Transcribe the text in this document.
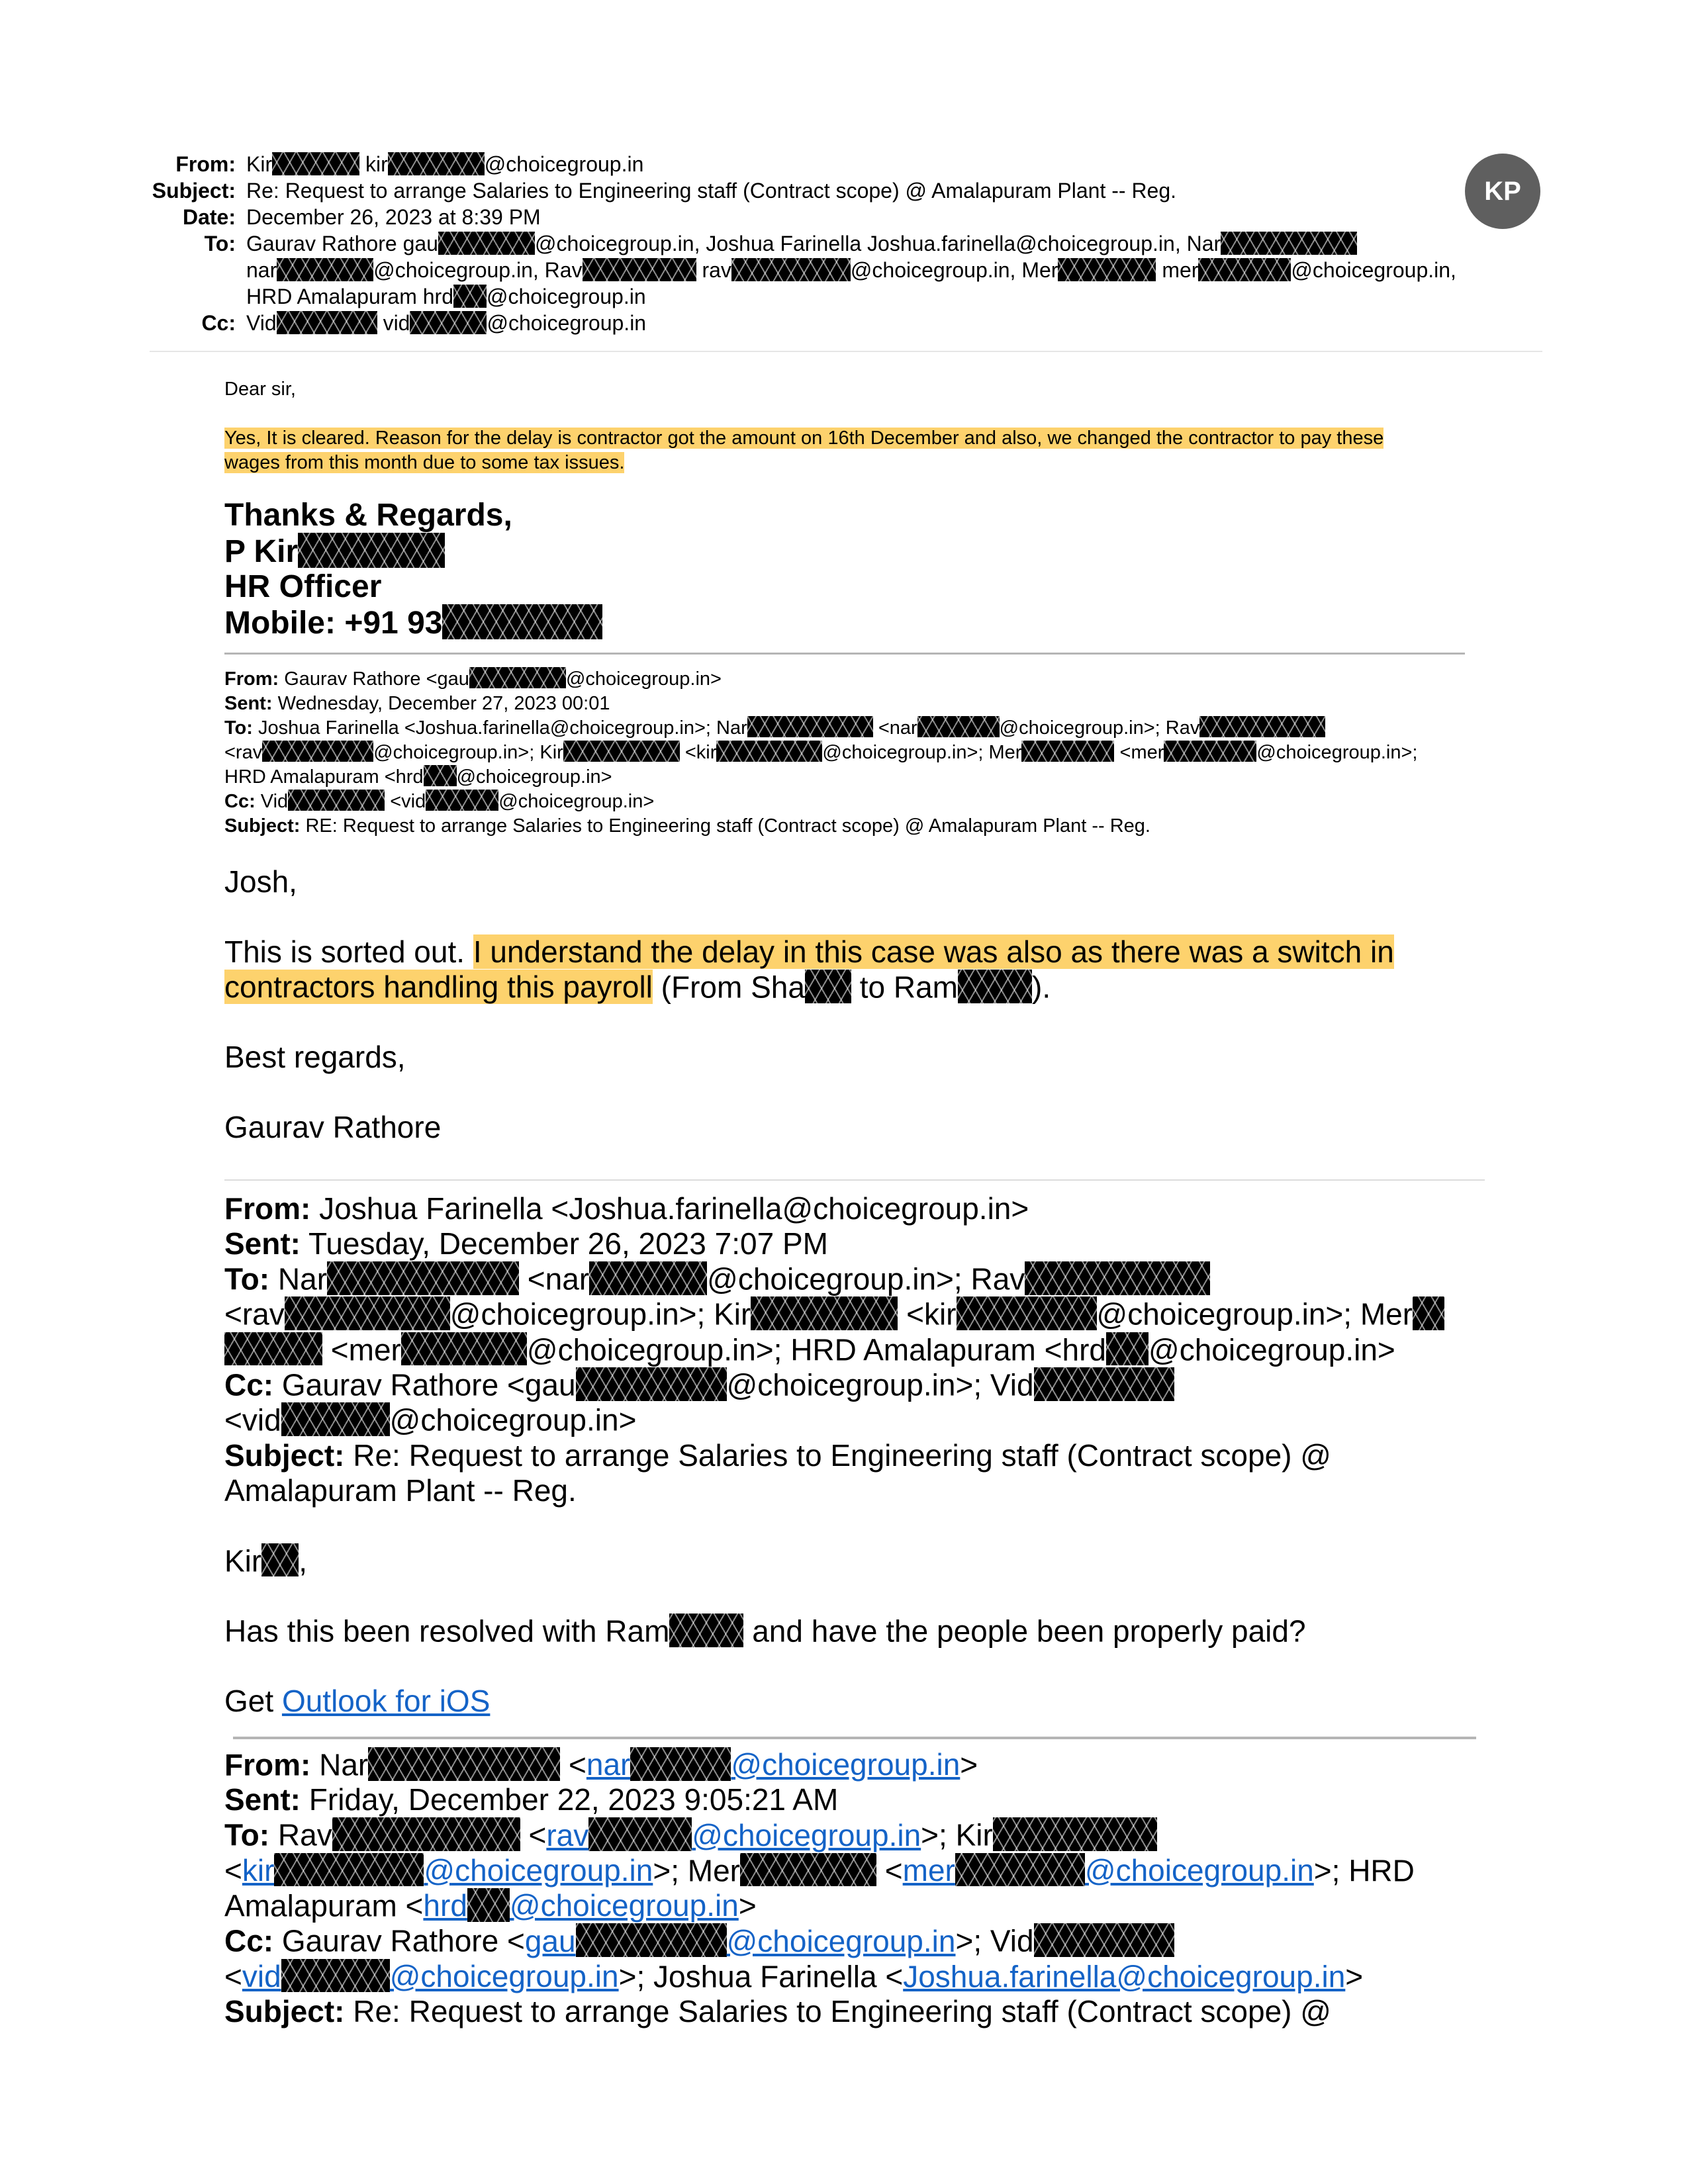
From: Kir	kir	@choicegroup.in
Subject: Re: Request to arrange Salaries to Engineering staff (Contract scope) @ Amalapuram Plant -- Reg.
Date: December 26, 2023 at 8:39 PM
To: Gaurav Rathore gau	@choicegroup.in, Joshua Farinella Joshua.farinella@choicegroup.in, Nar
nar	@choicegroup.in, Rav	rav	@choicegroup.in, Mer	mer	@choicegroup.in,
HRD Amalapuram hrd @choicegroup.in
Cc: Vid	vid	@choicegroup.in
KP

Dear sir,

Yes, It is cleared. Reason for the delay is contractor got the amount on 16th December and also, we changed the contractor to pay these
wages from this month due to some tax issues.

Thanks & Regards,
P Kir
HR Officer
Mobile: +91 93
From: Gaurav Rathore <gau	@choicegroup.in>
Sent: Wednesday, December 27, 2023 00:01
To: Joshua Farinella <Joshua.farinella@choicegroup.in>; Nar	<nar	@choicegroup.in>; Rav
<rav	@choicegroup.in>; Kir	<kir	@choicegroup.in>; Mer	<mer	@choicegroup.in>;
HRD Amalapuram <hrd @choicegroup.in>
Cc: Vid	<vid	@choicegroup.in>
Subject: RE: Request to arrange Salaries to Engineering staff (Contract scope) @ Amalapuram Plant -- Reg.

Josh,

This is sorted out. I understand the delay in this case was also as there was a switch in
contractors handling this payroll (From Sha to Ram ).

Best regards,

Gaurav Rathore

From: Joshua Farinella <Joshua.farinella@choicegroup.in>
Sent: Tuesday, December 26, 2023 7:07 PM
To: Nar	<nar	@choicegroup.in>; Rav
<rav	@choicegroup.in>; Kir	<kir	@choicegroup.in>; Mer
<mer	@choicegroup.in>; HRD Amalapuram <hrd @choicegroup.in>
Cc: Gaurav Rathore <gau	@choicegroup.in>; Vid
<vid	@choicegroup.in>
Subject: Re: Request to arrange Salaries to Engineering staff (Contract scope) @
Amalapuram Plant -- Reg.

Kir ,

Has this been resolved with Ram and have the people been properly paid?

Get Outlook for iOS

From: Nar	<nar	@choicegroup.in>
Sent: Friday, December 22, 2023 9:05:21 AM
To: Rav	<rav	@choicegroup.in>; Kir
<kir	@choicegroup.in>; Mer	<mer	@choicegroup.in>; HRD
Amalapuram <hrd @choicegroup.in>
Cc: Gaurav Rathore <gau	@choicegroup.in>; Vid
<vid	@choicegroup.in>; Joshua Farinella <Joshua.farinella@choicegroup.in>
Subject: Re: Request to arrange Salaries to Engineering staff (Contract scope) @
